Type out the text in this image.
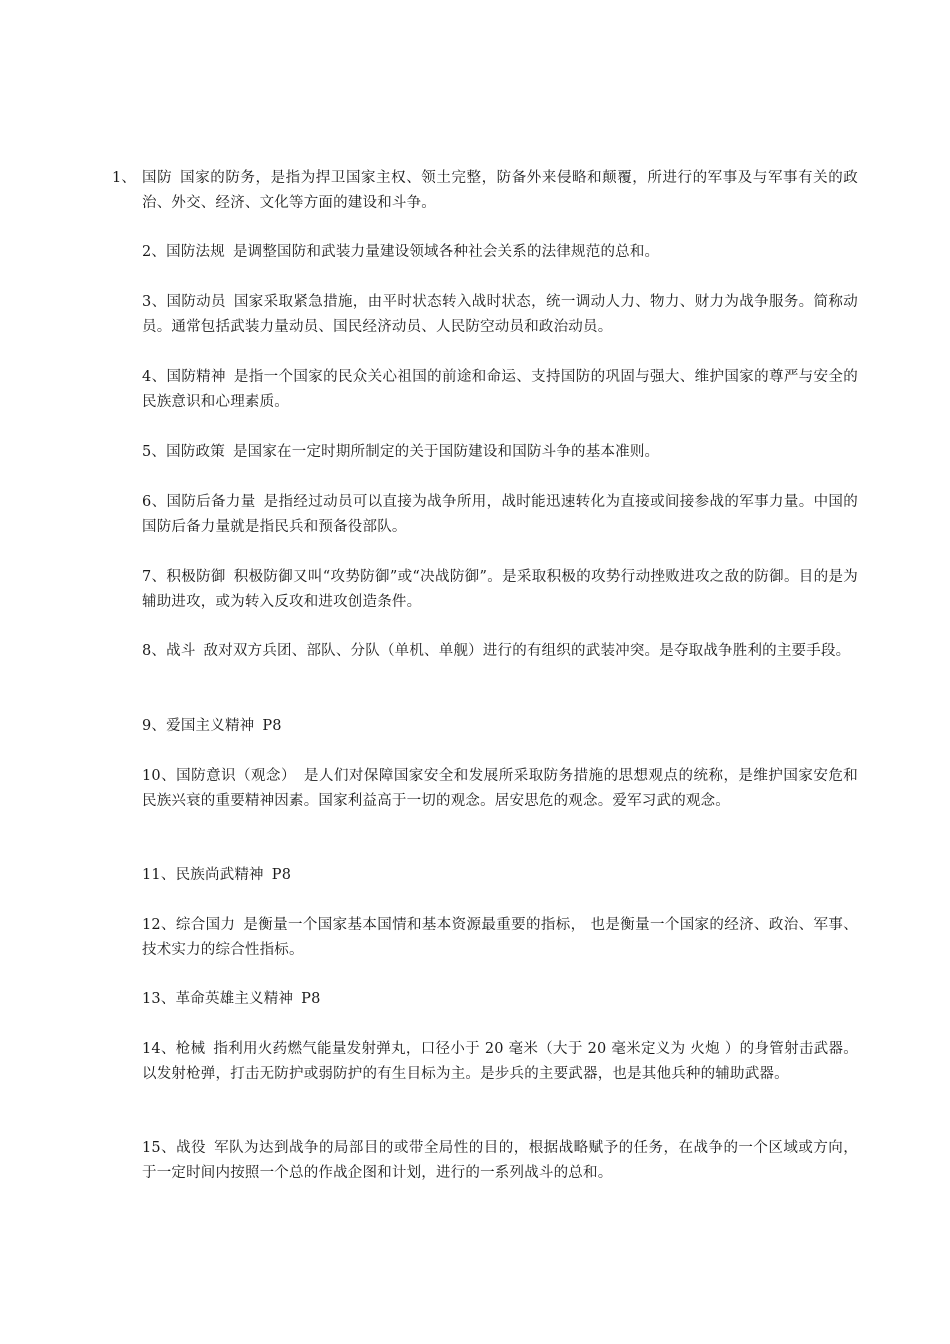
1、 国防 国家的防务，是指为捍卫国家主权、领土完整，防备外来侵略和颠覆，所进行的军事及与军事有关的政治、外交、经济、文化等方面的建设和斗争。

2、国防法规 是调整国防和武装力量建设领域各种社会关系的法律规范的总和。

3、国防动员 国家采取紧急措施，由平时状态转入战时状态，统一调动人力、物力、财力为战争服务。简称动员。通常包括武装力量动员、国民经济动员、人民防空动员和政治动员。

4、国防精神 是指一个国家的民众关心祖国的前途和命运、支持国防的巩固与强大、维护国家的尊严与安全的民族意识和心理素质。

5、国防政策 是国家在一定时期所制定的关于国防建设和国防斗争的基本准则。

6、国防后备力量 是指经过动员可以直接为战争所用，战时能迅速转化为直接或间接参战的军事力量。中国的国防后备力量就是指民兵和预备役部队。

7、积极防御 积极防御又叫“攻势防御”或“决战防御”。是采取积极的攻势行动挫败进攻之敌的防御。目的是为辅助进攻，或为转入反攻和进攻创造条件。

8、战斗 敌对双方兵团、部队、分队（单机、单舰）进行的有组织的武装冲突。是夺取战争胜利的主要手段。

9、爱国主义精神 P8

10、国防意识（观念） 是人们对保障国家安全和发展所采取防务措施的思想观点的统称，是维护国家安危和民族兴衰的重要精神因素。国家利益高于一切的观念。居安思危的观念。爱军习武的观念。

11、民族尚武精神 P8

12、综合国力 是衡量一个国家基本国情和基本资源最重要的指标， 也是衡量一个国家的经济、政治、军事、技术实力的综合性指标。

13、革命英雄主义精神 P8

14、枪械 指利用火药燃气能量发射弹丸，口径小于 20 毫米（大于 20 毫米定义为 火炮 ）的身管射击武器。以发射枪弹，打击无防护或弱防护的有生目标为主。是步兵的主要武器，也是其他兵种的辅助武器。

15、战役 军队为达到战争的局部目的或带全局性的目的，根据战略赋予的任务，在战争的一个区域或方向，于一定时间内按照一个总的作战企图和计划，进行的一系列战斗的总和。
